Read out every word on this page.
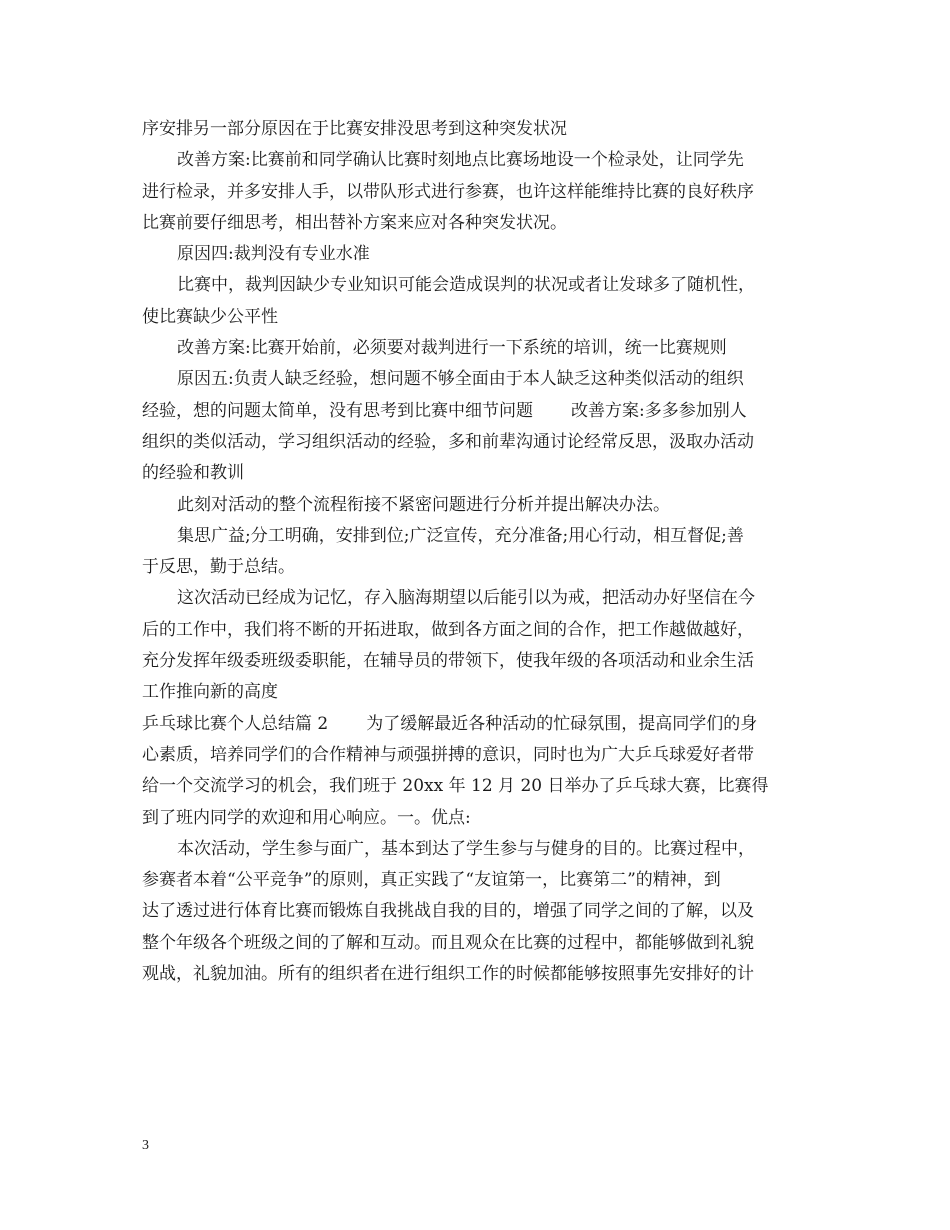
序安排另一部分原因在于比赛安排没思考到这种突发状况
改善方案:比赛前和同学确认比赛时刻地点比赛场地设一个检录处，让同学先
进行检录，并多安排人手，以带队形式进行参赛，也许这样能维持比赛的良好秩序
比赛前要仔细思考，相出替补方案来应对各种突发状况。
原因四:裁判没有专业水准
比赛中，裁判因缺少专业知识可能会造成误判的状况或者让发球多了随机性，
使比赛缺少公平性
改善方案:比赛开始前，必须要对裁判进行一下系统的培训，统一比赛规则
原因五:负责人缺乏经验，想问题不够全面由于本人缺乏这种类似活动的组织
经验，想的问题太简单，没有思考到比赛中细节问题 改善方案:多多参加别人
组织的类似活动，学习组织活动的经验，多和前辈沟通讨论经常反思，汲取办活动
的经验和教训
此刻对活动的整个流程衔接不紧密问题进行分析并提出解决办法。
集思广益;分工明确，安排到位;广泛宣传，充分准备;用心行动，相互督促;善
于反思，勤于总结。
这次活动已经成为记忆，存入脑海期望以后能引以为戒，把活动办好坚信在今
后的工作中，我们将不断的开拓进取，做到各方面之间的合作，把工作越做越好，
充分发挥年级委班级委职能，在辅导员的带领下，使我年级的各项活动和业余生活
工作推向新的高度
乒乓球比赛个人总结篇 2 为了缓解最近各种活动的忙碌氛围，提高同学们的身
心素质，培养同学们的合作精神与顽强拼搏的意识，同时也为广大乒乓球爱好者带
给一个交流学习的机会，我们班于 20xx 年 12 月 20 日举办了乒乓球大赛，比赛得
到了班内同学的欢迎和用心响应。一。优点:
本次活动，学生参与面广，基本到达了学生参与与健身的目的。比赛过程中，
参赛者本着“公平竞争”的原则，真正实践了“友谊第一，比赛第二”的精神，到
达了透过进行体育比赛而锻炼自我挑战自我的目的，增强了同学之间的了解，以及
整个年级各个班级之间的了解和互动。而且观众在比赛的过程中，都能够做到礼貌
观战，礼貌加油。所有的组织者在进行组织工作的时候都能够按照事先安排好的计
3
